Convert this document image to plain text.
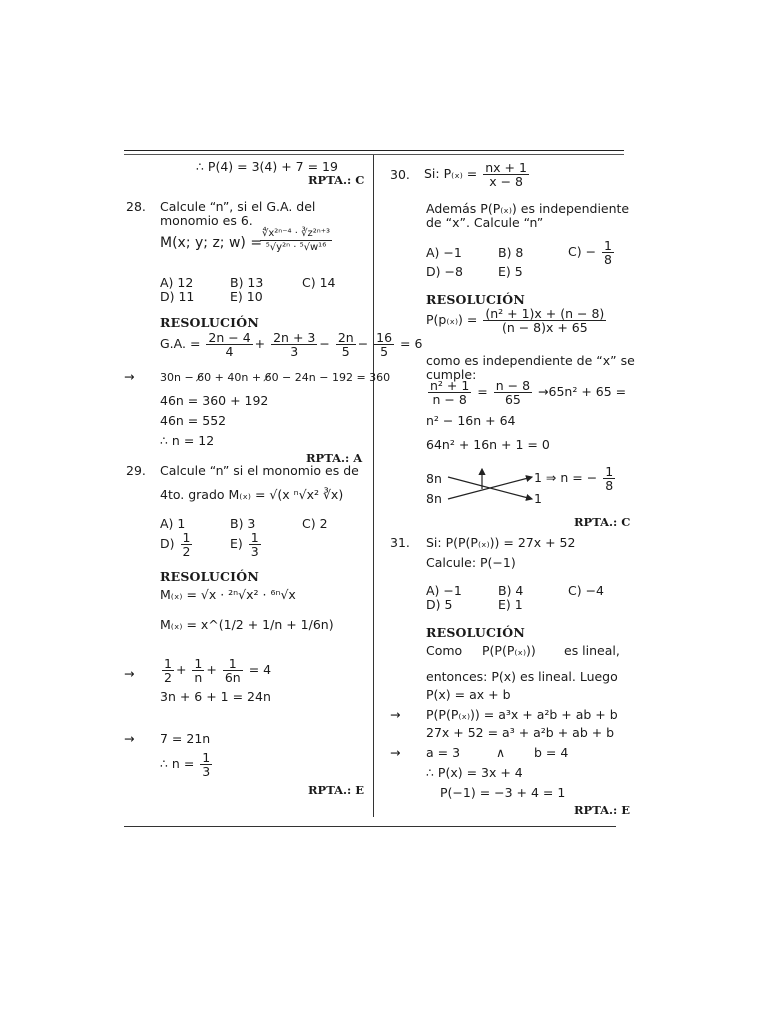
∴ P(4) = 3(4) + 7 = 19
RPTA.: C
28. Calcule “n”, si el G.A. del
monomio es 6.
M(x; y; z; w) =
$\frac{\text{∜x²ⁿ⁻⁴ · ∛z²ⁿ⁺³}}{\text{⁵√y²ⁿ · ⁵√w¹⁶}}$
A) 12	B) 13	C) 14
D) 11	E) 10
RESOLUCIÓN
G.A. = $\frac{2n - 4}{4} + \frac{2n + 3}{3} - \frac{2n}{5} - \frac{16}{5} = 6$
→ 30n − 6̸0 + 40n + 6̸0 − 24n − 192 = 360
46n = 360 + 192
46n = 552
∴ n = 12
RPTA.: A
29. Calcule “n” si el monomio es de
4to. grado M₍ₓ₎ = √(x ⁿ√x² ∛x)
A) 1	B) 3	C) 2
$D) \frac{1}{2}$	$E) \frac{1}{3}$
RESOLUCIÓN
M₍ₓ₎ = √x · ²ⁿ√x² · ⁶ⁿ√x
M₍ₓ₎ = x^(1/2 + 1/n + 1/6n)
→ $\frac{1}{2} + \frac{1}{n} + \frac{1}{6n} = 4$
3n + 6 + 1 = 24n
→ 7 = 21n
∴ $n = \frac{1}{3}$
RPTA.: E
30. Si: $P_{(x)} = \frac{nx + 1}{x - 8}$
Además P(P₍ₓ₎) es independiente
de “x”. Calcule “n”
A) −1	B) 8	$C) - \frac{1}{8}$
D) −8	E) 5
RESOLUCIÓN
$P(p_{(x)}) = \frac{\text{(n² + 1)x + (n − 8)}}{(n - 8)x + 65}$
como es independiente de “x” se
cumple:
$\frac{\text{n² + 1}}{n - 8} = \frac{n - 8}{65} \to 65n^2 + 65$ =
n² − 16n + 64
64n² + 16n + 1 = 0
8n
8n
1 ⇒ n = − $\frac{1}{8}$
1
RPTA.: C
31. Si: P(P(P₍ₓ₎)) = 27x + 52
Calcule: P(−1)
A) −1	B) 4	C) −4
D) 5	E) 1
RESOLUCIÓN
Como P(P(P₍ₓ₎)) es lineal,
entonces: P(x) es lineal. Luego
P(x) = ax + b
→ P(P(P₍ₓ₎)) = a³x + a²b + ab + b
27x + 52 = a³ + a²b + ab + b
→ a = 3	∧ b = 4
∴ P(x) = 3x + 4
P(−1) = −3 + 4 = 1
RPTA.: E
